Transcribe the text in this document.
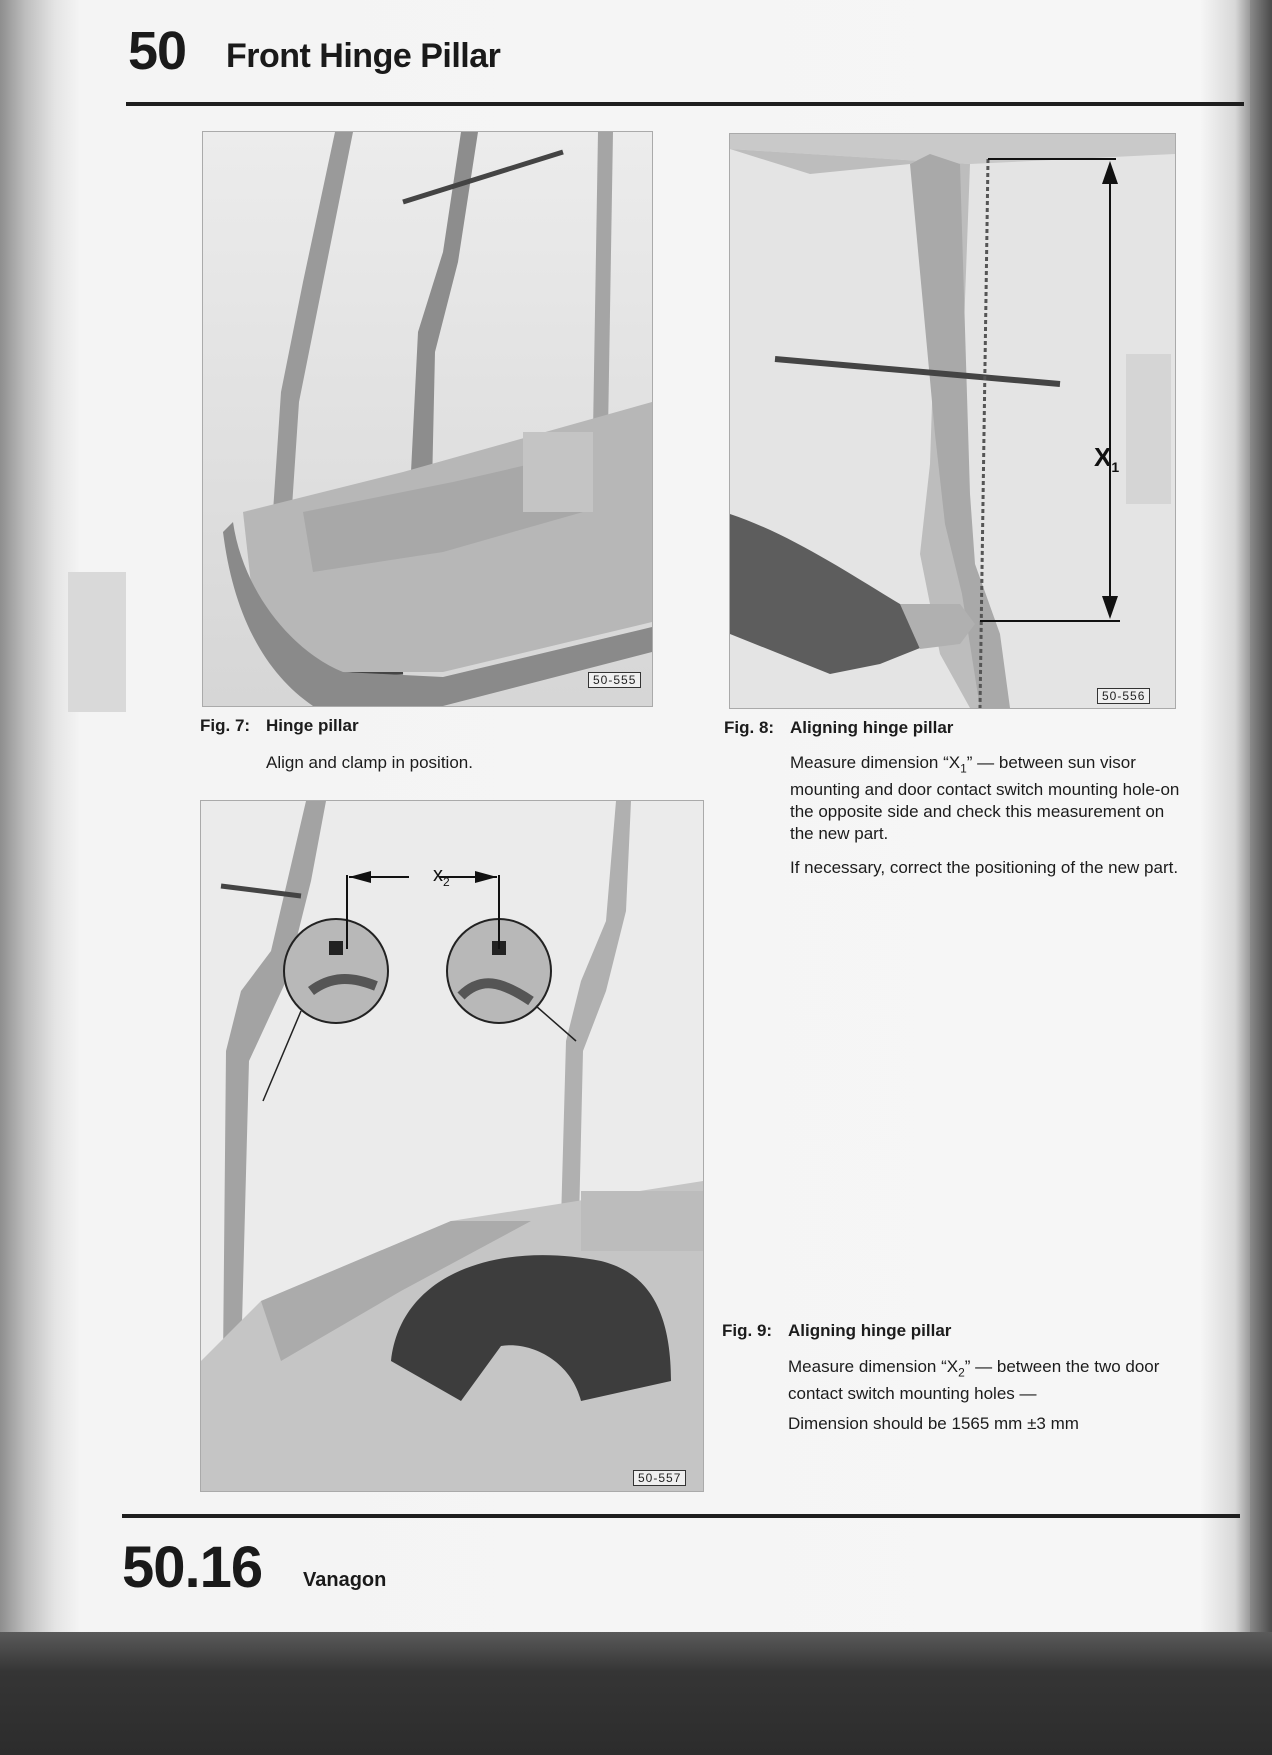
50 Front Hinge Pillar
50-555
Fig. 7: Hinge pillar
Align and clamp in position.
50-556
$X_1$
Fig. 8: Aligning hinge pillar
Measure dimension “$X_1$” — between sun visor mounting and door contact switch mounting hole-on the opposite side and check this measurement on the new part.
If necessary, correct the positioning of the new part.
50-557
$x_2$
Fig. 9: Aligning hinge pillar
Measure dimension “$X_2$” — between the two door contact switch mounting holes —
Dimension should be 1565 mm ±3 mm
50.16 Vanagon
